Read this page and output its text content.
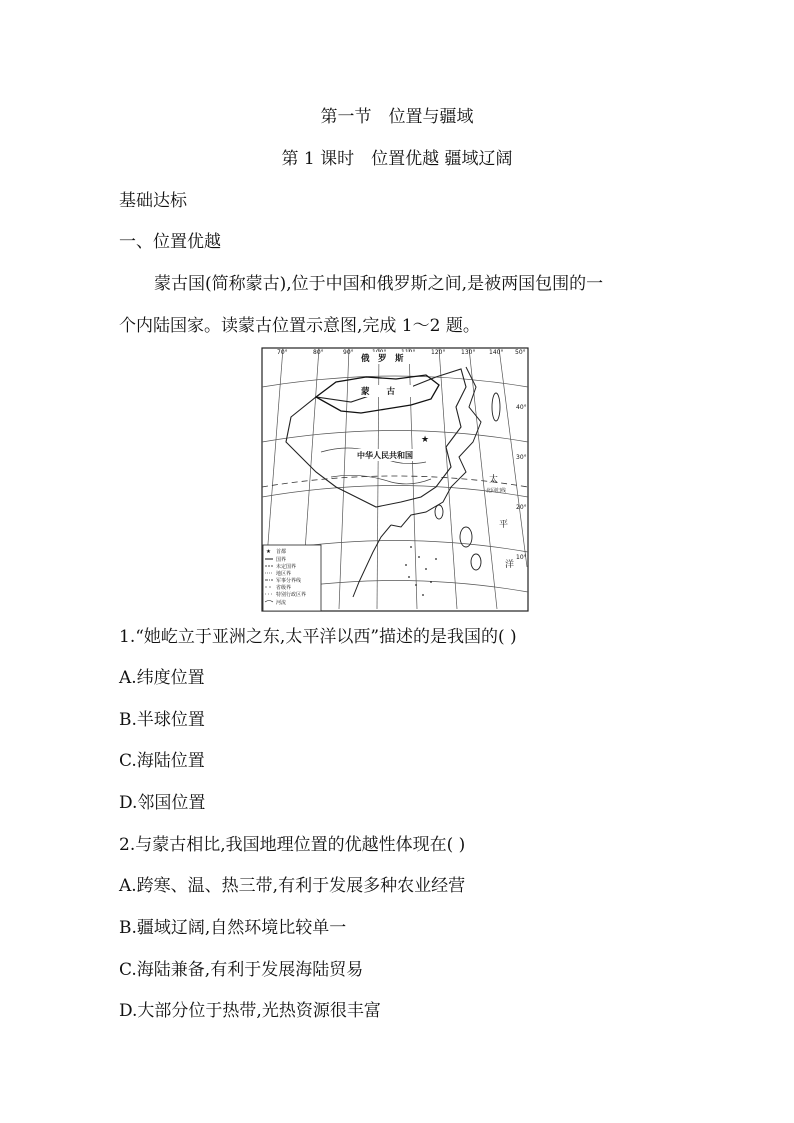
第一节　位置与疆域
第 1 课时　位置优越 疆域辽阔
基础达标
一、位置优越
蒙古国(简称蒙古),位于中国和俄罗斯之间,是被两国包围的一
个内陆国家。读蒙古位置示意图,完成 1～2 题。
★
70°	80°	90°	120°	130° 140° 50°
40°
30°
20°
10°
俄　罗　斯
蒙　　古
中华人民共和国
太
平
洋
北回归线
★ 首都
国界
未定国界
地区界
军事分界线
省级界
特别行政区界
河流
1.“她屹立于亚洲之东,太平洋以西”描述的是我国的( )
A.纬度位置
B.半球位置
C.海陆位置
D.邻国位置
2.与蒙古相比,我国地理位置的优越性体现在( )
A.跨寒、温、热三带,有利于发展多种农业经营
B.疆域辽阔,自然环境比较单一
C.海陆兼备,有利于发展海陆贸易
D.大部分位于热带,光热资源很丰富
